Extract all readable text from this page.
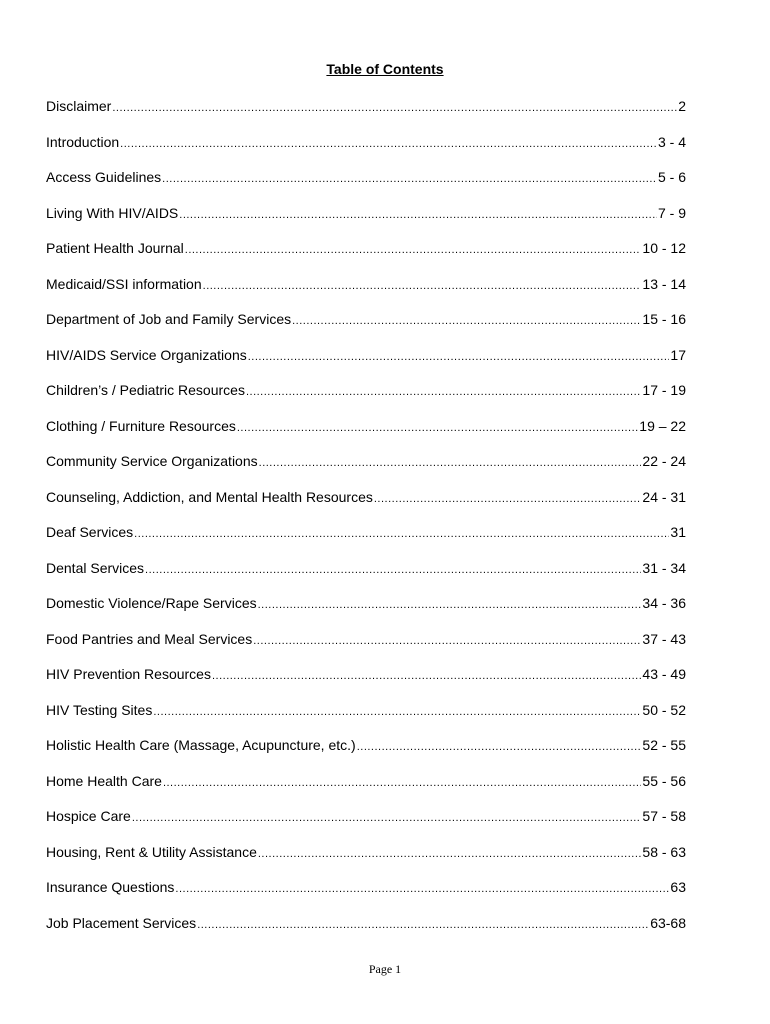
Table of Contents
Disclaimer .....	2
Introduction .....	3 - 4
Access Guidelines .....	5 - 6
Living With HIV/AIDS .....	7 - 9
Patient Health Journal .....	10 - 12
Medicaid/SSI information .....	13 - 14
Department of Job and Family Services .....	15 - 16
HIV/AIDS Service Organizations .....	17
Children’s / Pediatric Resources .....	17 - 19
Clothing / Furniture Resources .....	19 – 22
Community Service Organizations .....	22 - 24
Counseling, Addiction, and Mental Health Resources .....	24 - 31
Deaf Services .....	31
Dental Services .....	31 - 34
Domestic Violence/Rape Services .....	34 - 36
Food Pantries and Meal Services .....	37 - 43
HIV Prevention Resources .....	43 - 49
HIV Testing Sites .....	50 - 52
Holistic Health Care (Massage, Acupuncture, etc.) .....	52 - 55
Home Health Care .....	55 - 56
Hospice Care .....	57 - 58
Housing, Rent & Utility Assistance .....	58 - 63
Insurance Questions .....	63
Job Placement Services .....	63-68
Page 1
